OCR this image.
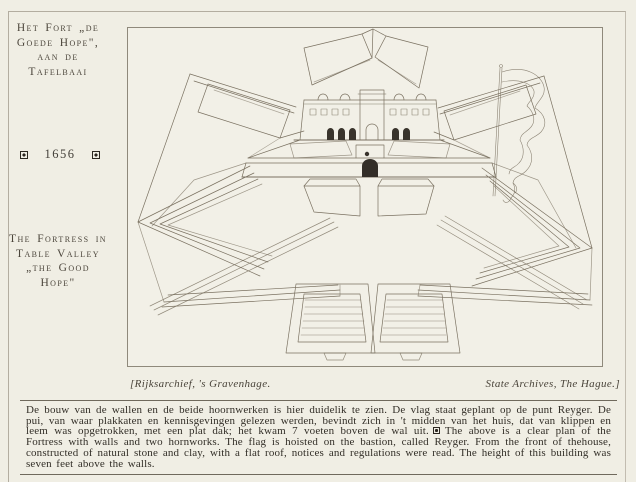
Het Fort „de
Goede Hope",
aan de
Tafelbaai
1656
The Fortress in
Table Valley
„the Good
Hope"
[Rijksarchief, 's Gravenhage.	State Archives, The Hague.]
De bouw van de wallen en de beide hoornwerken is hier duidelik te zien. De vlag staat geplant op de punt Reyger. De pui, van waar plakkaten en kennisgevingen gelezen werden, bevindt zich in 't midden van het huis, dat van klippen en leem was opgetrokken, met een plat dak; het kwam 7 voeten boven de wal uit. The above is a clear plan of the Fortress with walls and two hornworks. The flag is hoisted on the bastion, called Reyger. From the front of thehouse, constructed of natural stone and clay, with a flat roof, notices and regulations were read. The height of this building was seven feet above the walls.
